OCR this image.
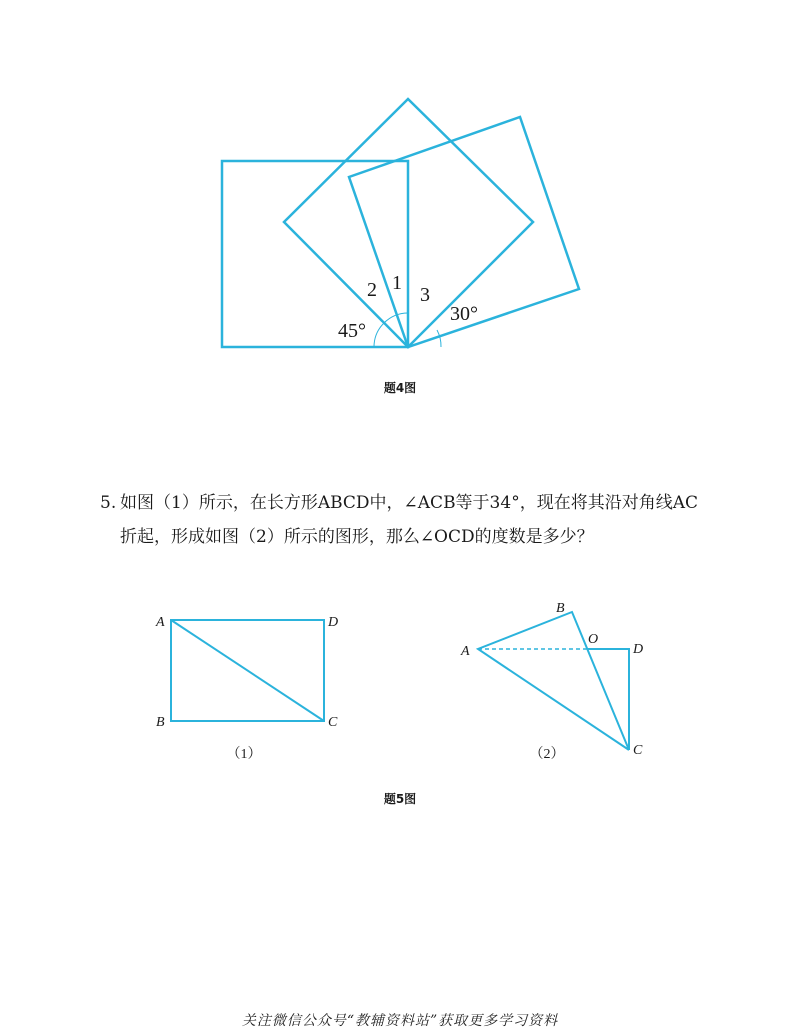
45°
2 1
3
30°
题4图
5. 如图（1）所示，在长方形ABCD中，∠ACB等于34°，现在将其沿对角线AC折起，形成如图（2）所示的图形，那么∠OCD的度数是多少？
A	D
B	C
（1）
A
B
O
D
C
（2）
题5图
关注微信公众号“教辅资料站”获取更多学习资料
